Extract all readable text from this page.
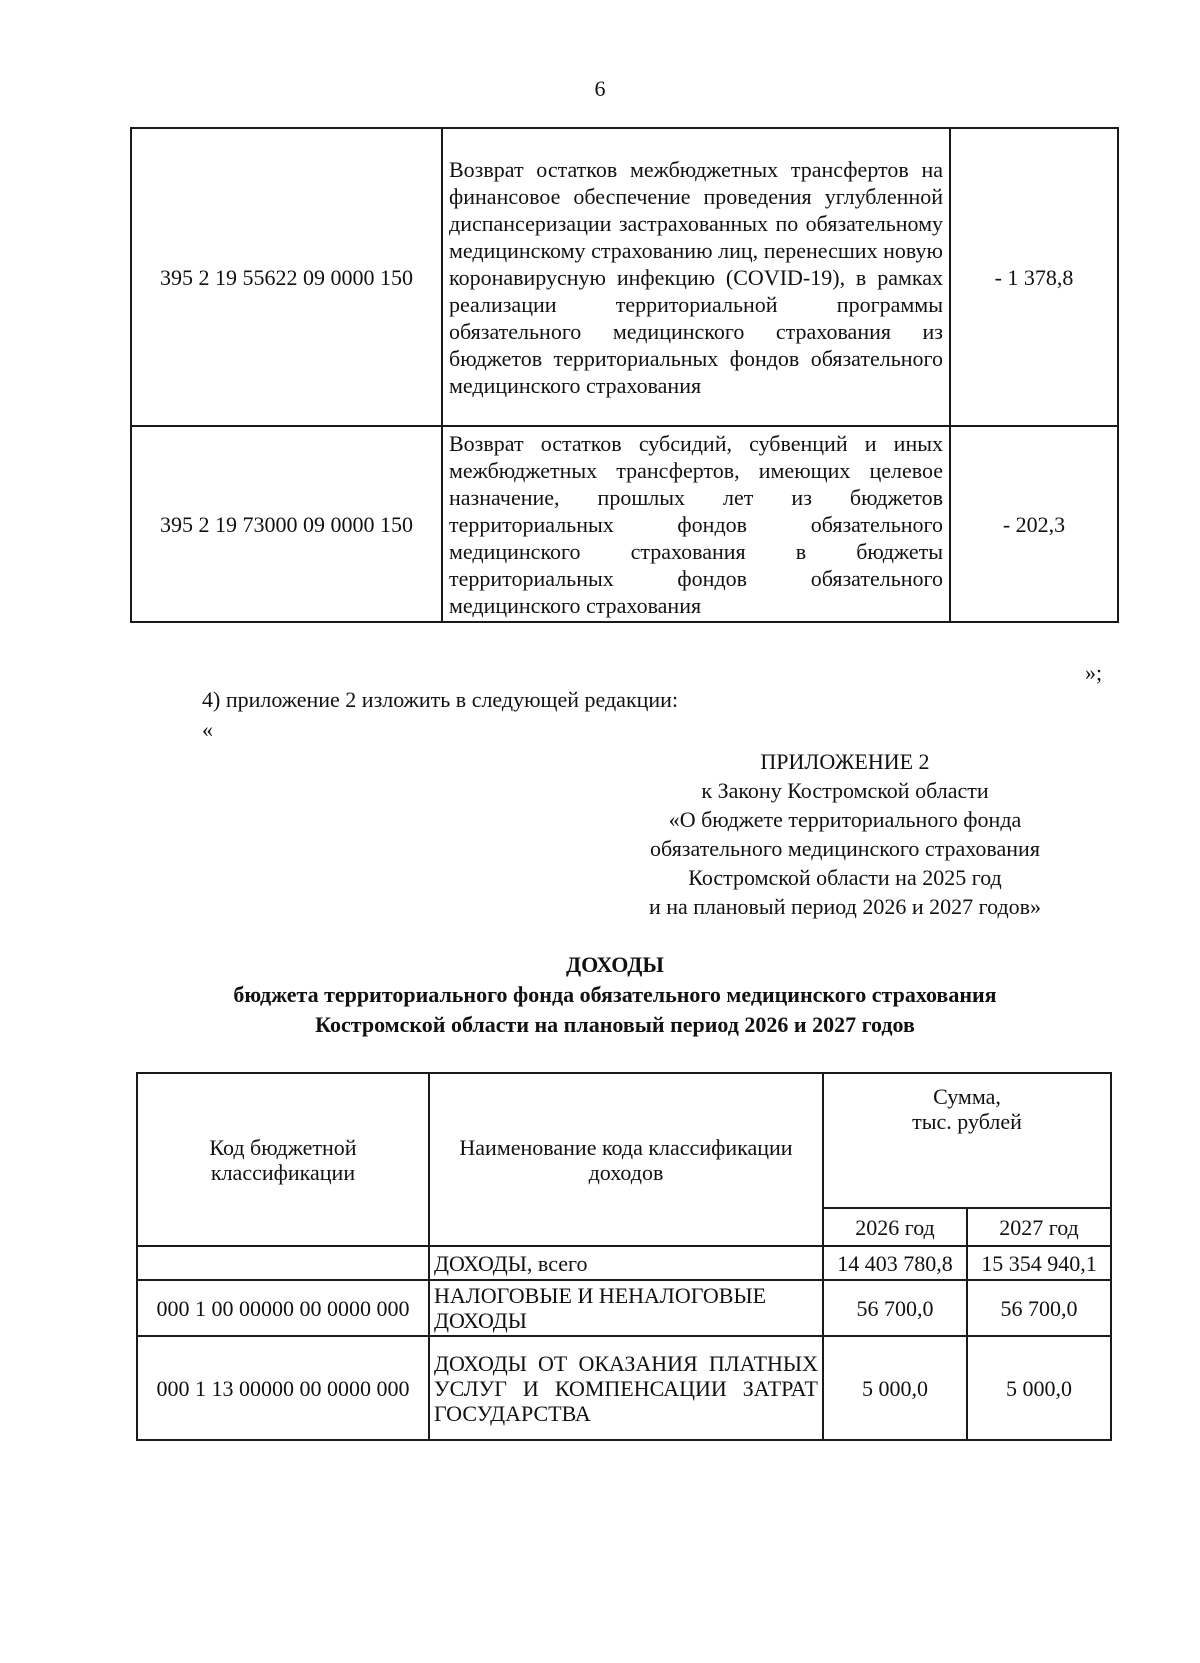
6
395 2 19 55622 09 0000 150	Возврат остатков межбюджетных трансфертов на финансовое обеспечение проведения углубленной диспансеризации застрахованных по обязательному медицинскому страхованию лиц, перенесших новую коронавирусную инфекцию (COVID-19), в рамках реализации территориальной программы обязательного медицинского страхования из бюджетов территориальных фондов обязательного медицинского страхования	- 1 378,8
395 2 19 73000 09 0000 150	Возврат остатков субсидий, субвенций и иных межбюджетных трансфертов, имеющих целевое назначение, прошлых лет из бюджетов территориальных фондов обязательного медицинского страхования в бюджеты территориальных фондов обязательного медицинского страхования	- 202,3
»;
4) приложение 2 изложить в следующей редакции:
«
ПРИЛОЖЕНИЕ 2
к Закону Костромской области
«О бюджете территориального фонда
обязательного медицинского страхования
Костромской области на 2025 год
и на плановый период 2026 и 2027 годов»
ДОХОДЫ
бюджета территориального фонда обязательного медицинского страхования
Костромской области на плановый период 2026 и 2027 годов
Код бюджетной классификации	Наименование кода классификации доходов	Сумма,
тыс. рублей	

		2026 год	2027 год
	ДОХОДЫ, всего	14 403 780,8	15 354 940,1
000 1 00 00000 00 0000 000	НАЛОГОВЫЕ И НЕНАЛОГОВЫЕ ДОХОДЫ	56 700,0	56 700,0
000 1 13 00000 00 0000 000	ДОХОДЫ ОТ ОКАЗАНИЯ ПЛАТНЫХ УСЛУГ И КОМПЕНСАЦИИ ЗАТРАТ ГОСУДАРСТВА	5 000,0	5 000,0
